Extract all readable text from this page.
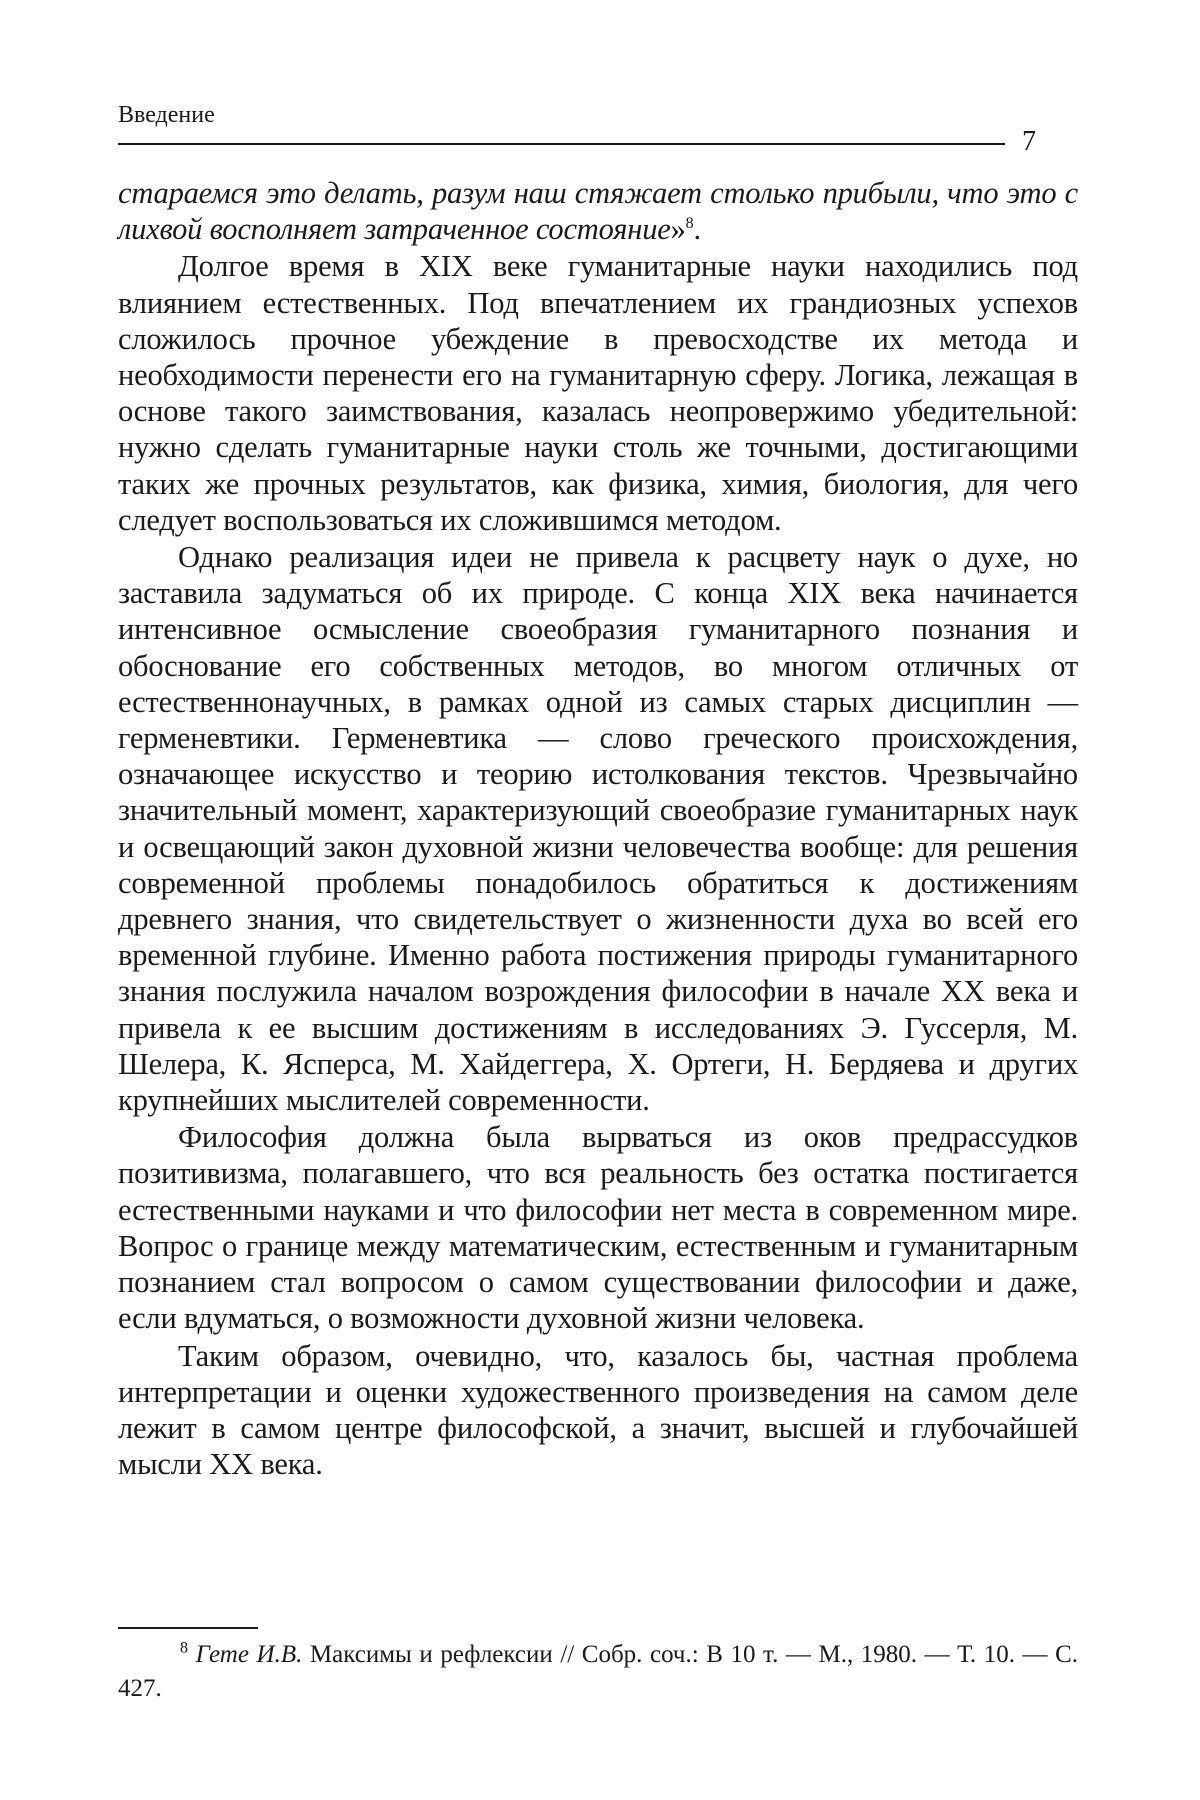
Введение
7

стараемся это делать, разум наш стяжает столько прибыли, что это с лихвой восполняет затраченное состояние»$^8$.

Долгое время в XIX веке гуманитарные науки находились под влиянием естественных. Под впечатлением их грандиозных успехов сложилось прочное убеждение в превосходстве их метода и необходимости перенести его на гуманитарную сферу. Логика, лежащая в основе такого заимствования, казалась неопровержимо убедительной: нужно сделать гуманитарные науки столь же точными, достигающими таких же прочных результатов, как физика, химия, биология, для чего следует воспользоваться их сложившимся методом.

Однако реализация идеи не привела к расцвету наук о духе, но заставила задуматься об их природе. С конца XIX века начинается интенсивное осмысление своеобразия гуманитарного познания и обоснование его собственных методов, во многом отличных от естественнонаучных, в рамках одной из самых старых дисциплин — герменевтики. Герменевтика — слово греческого происхождения, означающее искусство и теорию истолкования текстов. Чрезвычайно значительный момент, характеризующий своеобразие гуманитарных наук и освещающий закон духовной жизни человечества вообще: для решения современной проблемы понадобилось обратиться к достижениям древнего знания, что свидетельствует о жизненности духа во всей его временной глубине. Именно работа постижения природы гуманитарного знания послужила началом возрождения философии в начале XX века и привела к ее высшим достижениям в исследованиях Э. Гуссерля, М. Шелера, К. Ясперса, М. Хайдеггера, Х. Ортеги, Н. Бердяева и других крупнейших мыслителей современности.

Философия должна была вырваться из оков предрассудков позитивизма, полагавшего, что вся реальность без остатка постигается естественными науками и что философии нет места в современном мире. Вопрос о границе между математическим, естественным и гуманитарным познанием стал вопросом о самом существовании философии и даже, если вдуматься, о возможности духовной жизни человека.

Таким образом, очевидно, что, казалось бы, частная проблема интерпретации и оценки художественного произведения на самом деле лежит в самом центре философской, а значит, высшей и глубочайшей мысли XX века.

$^8$ Гете И.В. Максимы и рефлексии // Собр. соч.: В 10 т. — М., 1980. — Т. 10. — С. 427.
